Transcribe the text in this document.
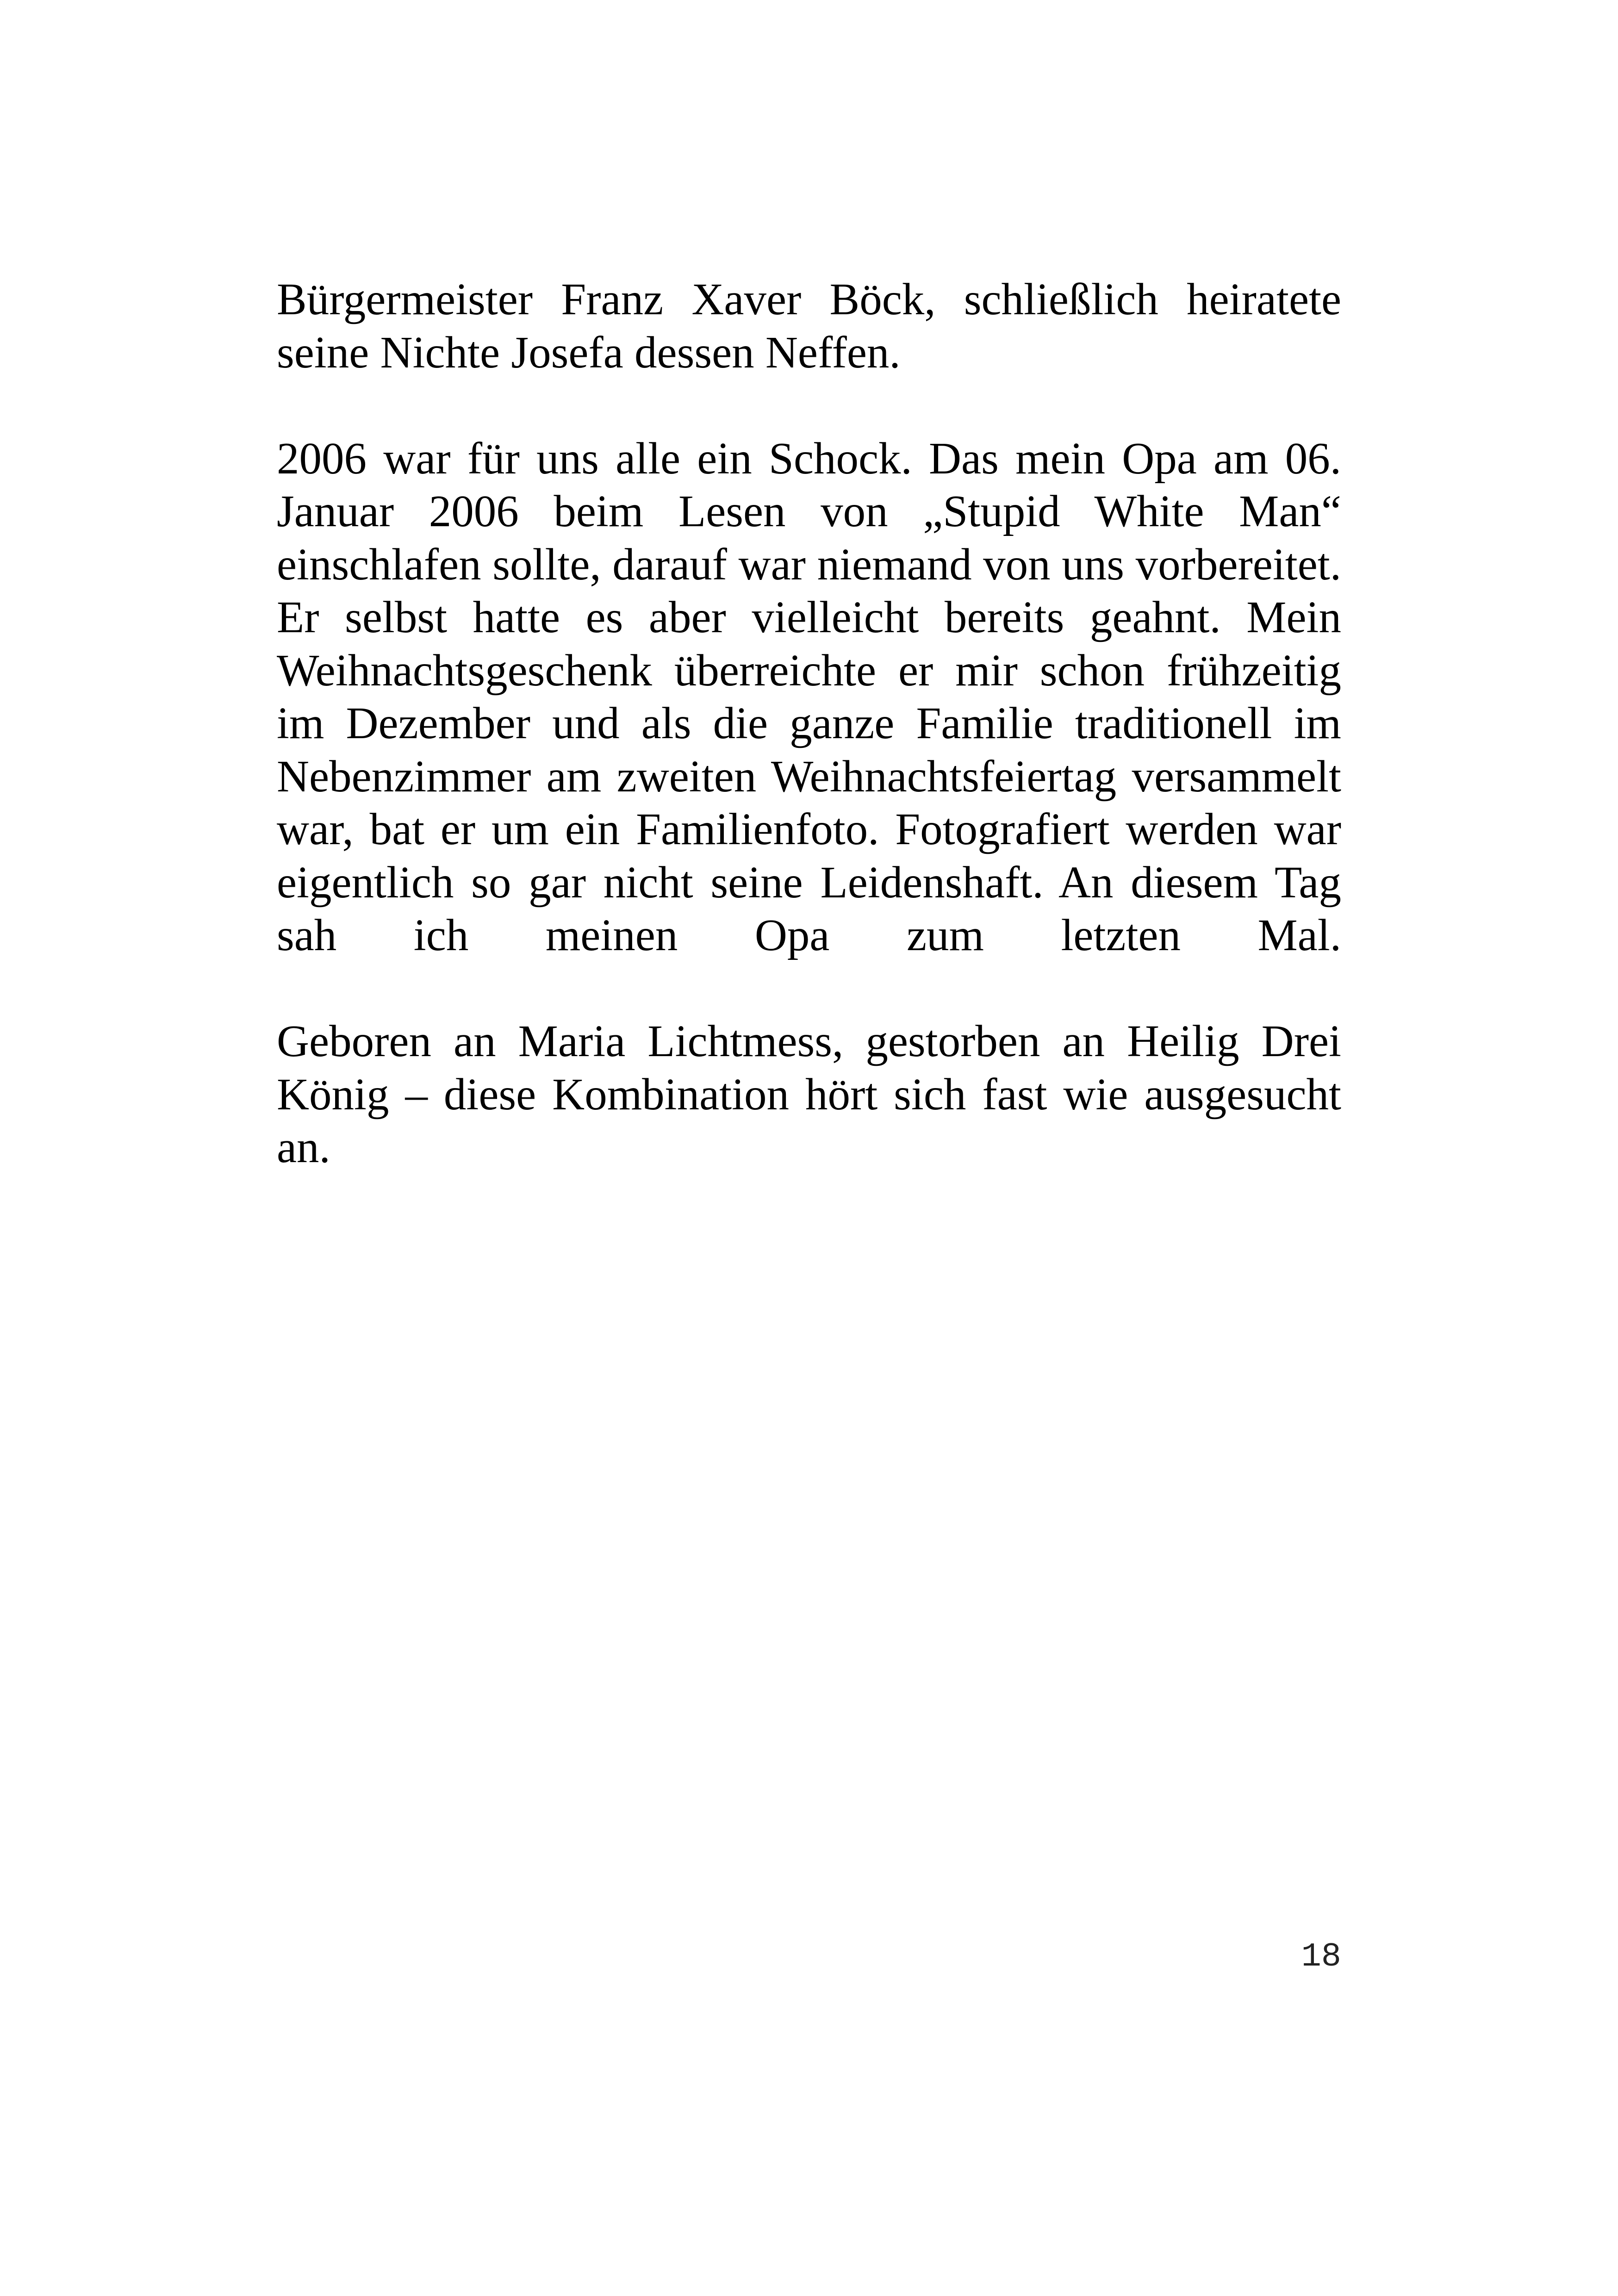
Bürgermeister Franz Xaver Böck, schließlich heiratete seine Nichte Josefa dessen Neffen.

2006 war für uns alle ein Schock. Das mein Opa am 06. Januar 2006 beim Lesen von „Stupid White Man“ einschlafen sollte, darauf war niemand von uns vorbereitet. Er selbst hatte es aber vielleicht bereits geahnt. Mein Weihnachtsgeschenk überreichte er mir schon frühzeitig im Dezember und als die ganze Familie traditionell im Nebenzimmer am zweiten Weihnachtsfeiertag versammelt war, bat er um ein Familienfoto. Fotografiert werden war eigentlich so gar nicht seine Leidenshaft. An diesem Tag sah ich meinen Opa zum letzten Mal.

Geboren an Maria Lichtmess, gestorben an Heilig Drei König – diese Kombination hört sich fast wie ausgesucht an.

18
